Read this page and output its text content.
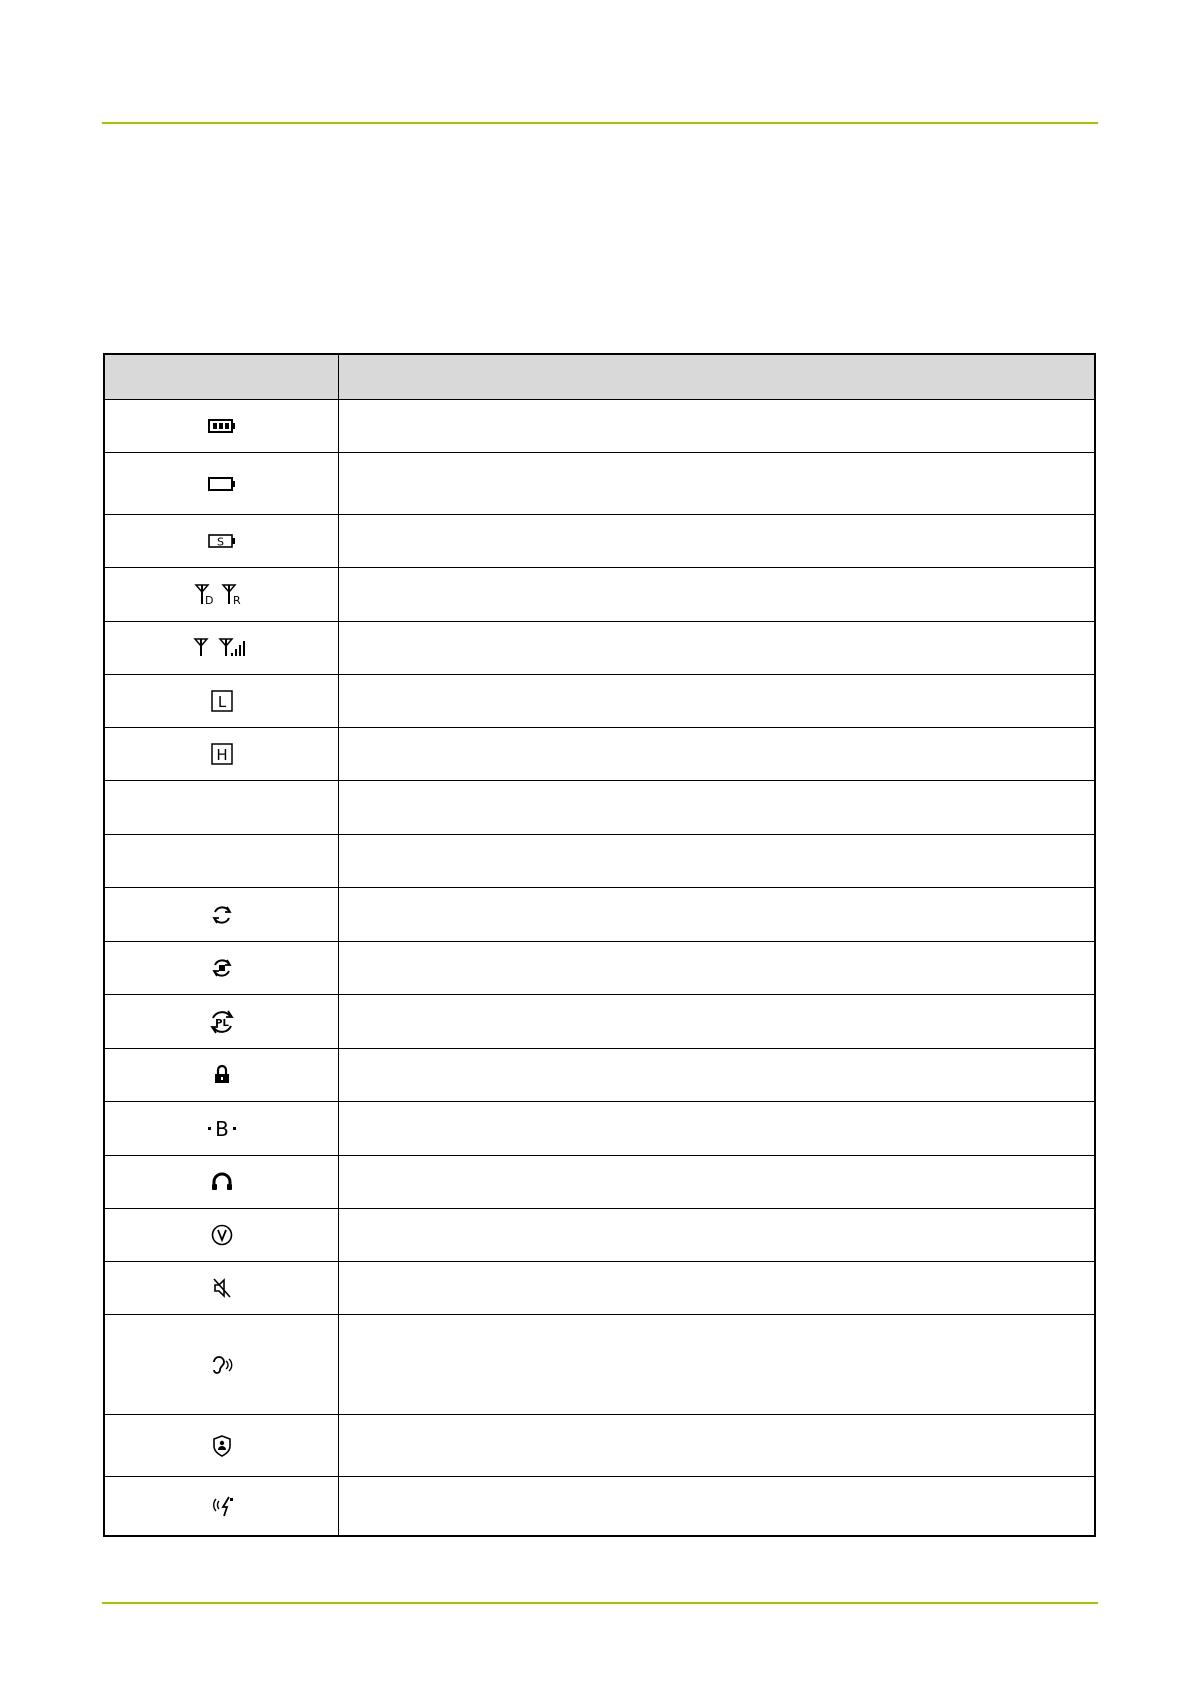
S
D R
L
H
PL
B
